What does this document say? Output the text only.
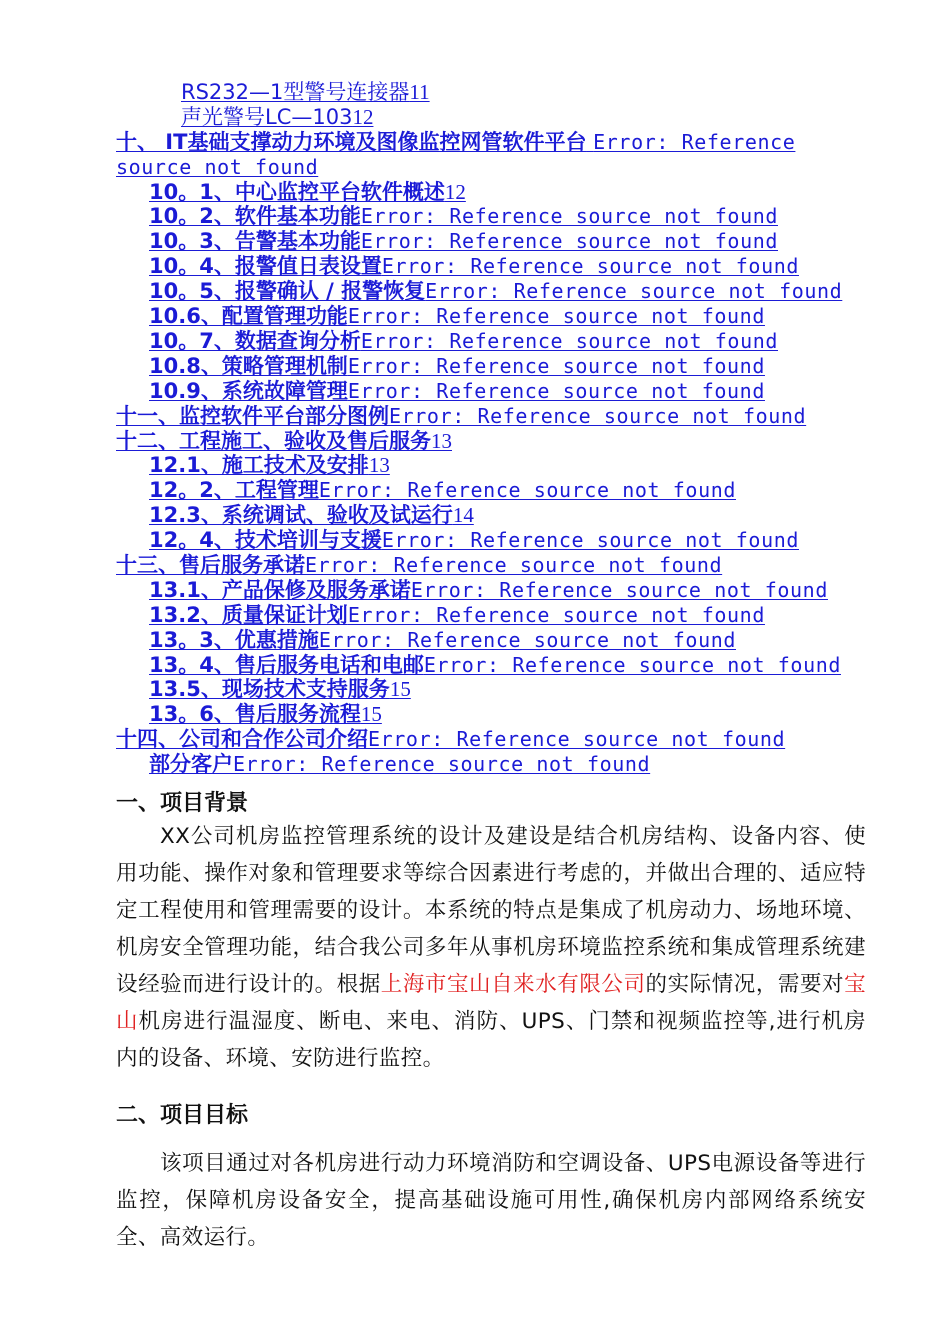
RS232—1型警号连接器11
声光警号LC—10312
十、 IT基础支撑动力环境及图像监控网管软件平台 Error: Reference source not found
10。1、中心监控平台软件概述12
10。2、软件基本功能Error: Reference source not found
10。3、告警基本功能Error: Reference source not found
10。4、报警值日表设置Error: Reference source not found
10。5、报警确认 / 报警恢复Error: Reference source not found
10.6、配置管理功能Error: Reference source not found
10。7、数据查询分析Error: Reference source not found
10.8、策略管理机制Error: Reference source not found
10.9、系统故障管理Error: Reference source not found
十一、监控软件平台部分图例Error: Reference source not found
十二、工程施工、验收及售后服务13
12.1、施工技术及安排13
12。2、工程管理Error: Reference source not found
12.3、系统调试、验收及试运行14
12。4、技术培训与支援Error: Reference source not found
十三、售后服务承诺Error: Reference source not found
13.1、产品保修及服务承诺Error: Reference source not found
13.2、质量保证计划Error: Reference source not found
13。3、优惠措施Error: Reference source not found
13。4、售后服务电话和电邮Error: Reference source not found
13.5、现场技术支持服务15
13。6、售后服务流程15
十四、公司和合作公司介绍Error: Reference source not found
部分客户Error: Reference source not found
一、项目背景

XX公司机房监控管理系统的设计及建设是结合机房结构、设备内容、使用功能、操作对象和管理要求等综合因素进行考虑的，并做出合理的、适应特定工程使用和管理需要的设计。本系统的特点是集成了机房动力、场地环境、机房安全管理功能，结合我公司多年从事机房环境监控系统和集成管理系统建设经验而进行设计的。根据上海市宝山自来水有限公司的实际情况，需要对宝山机房进行温湿度、断电、来电、消防、UPS、门禁和视频监控等,进行机房内的设备、环境、安防进行监控。

二、项目目标

该项目通过对各机房进行动力环境消防和空调设备、UPS电源设备等进行监控，保障机房设备安全，提高基础设施可用性,确保机房内部网络系统安全、高效运行。
